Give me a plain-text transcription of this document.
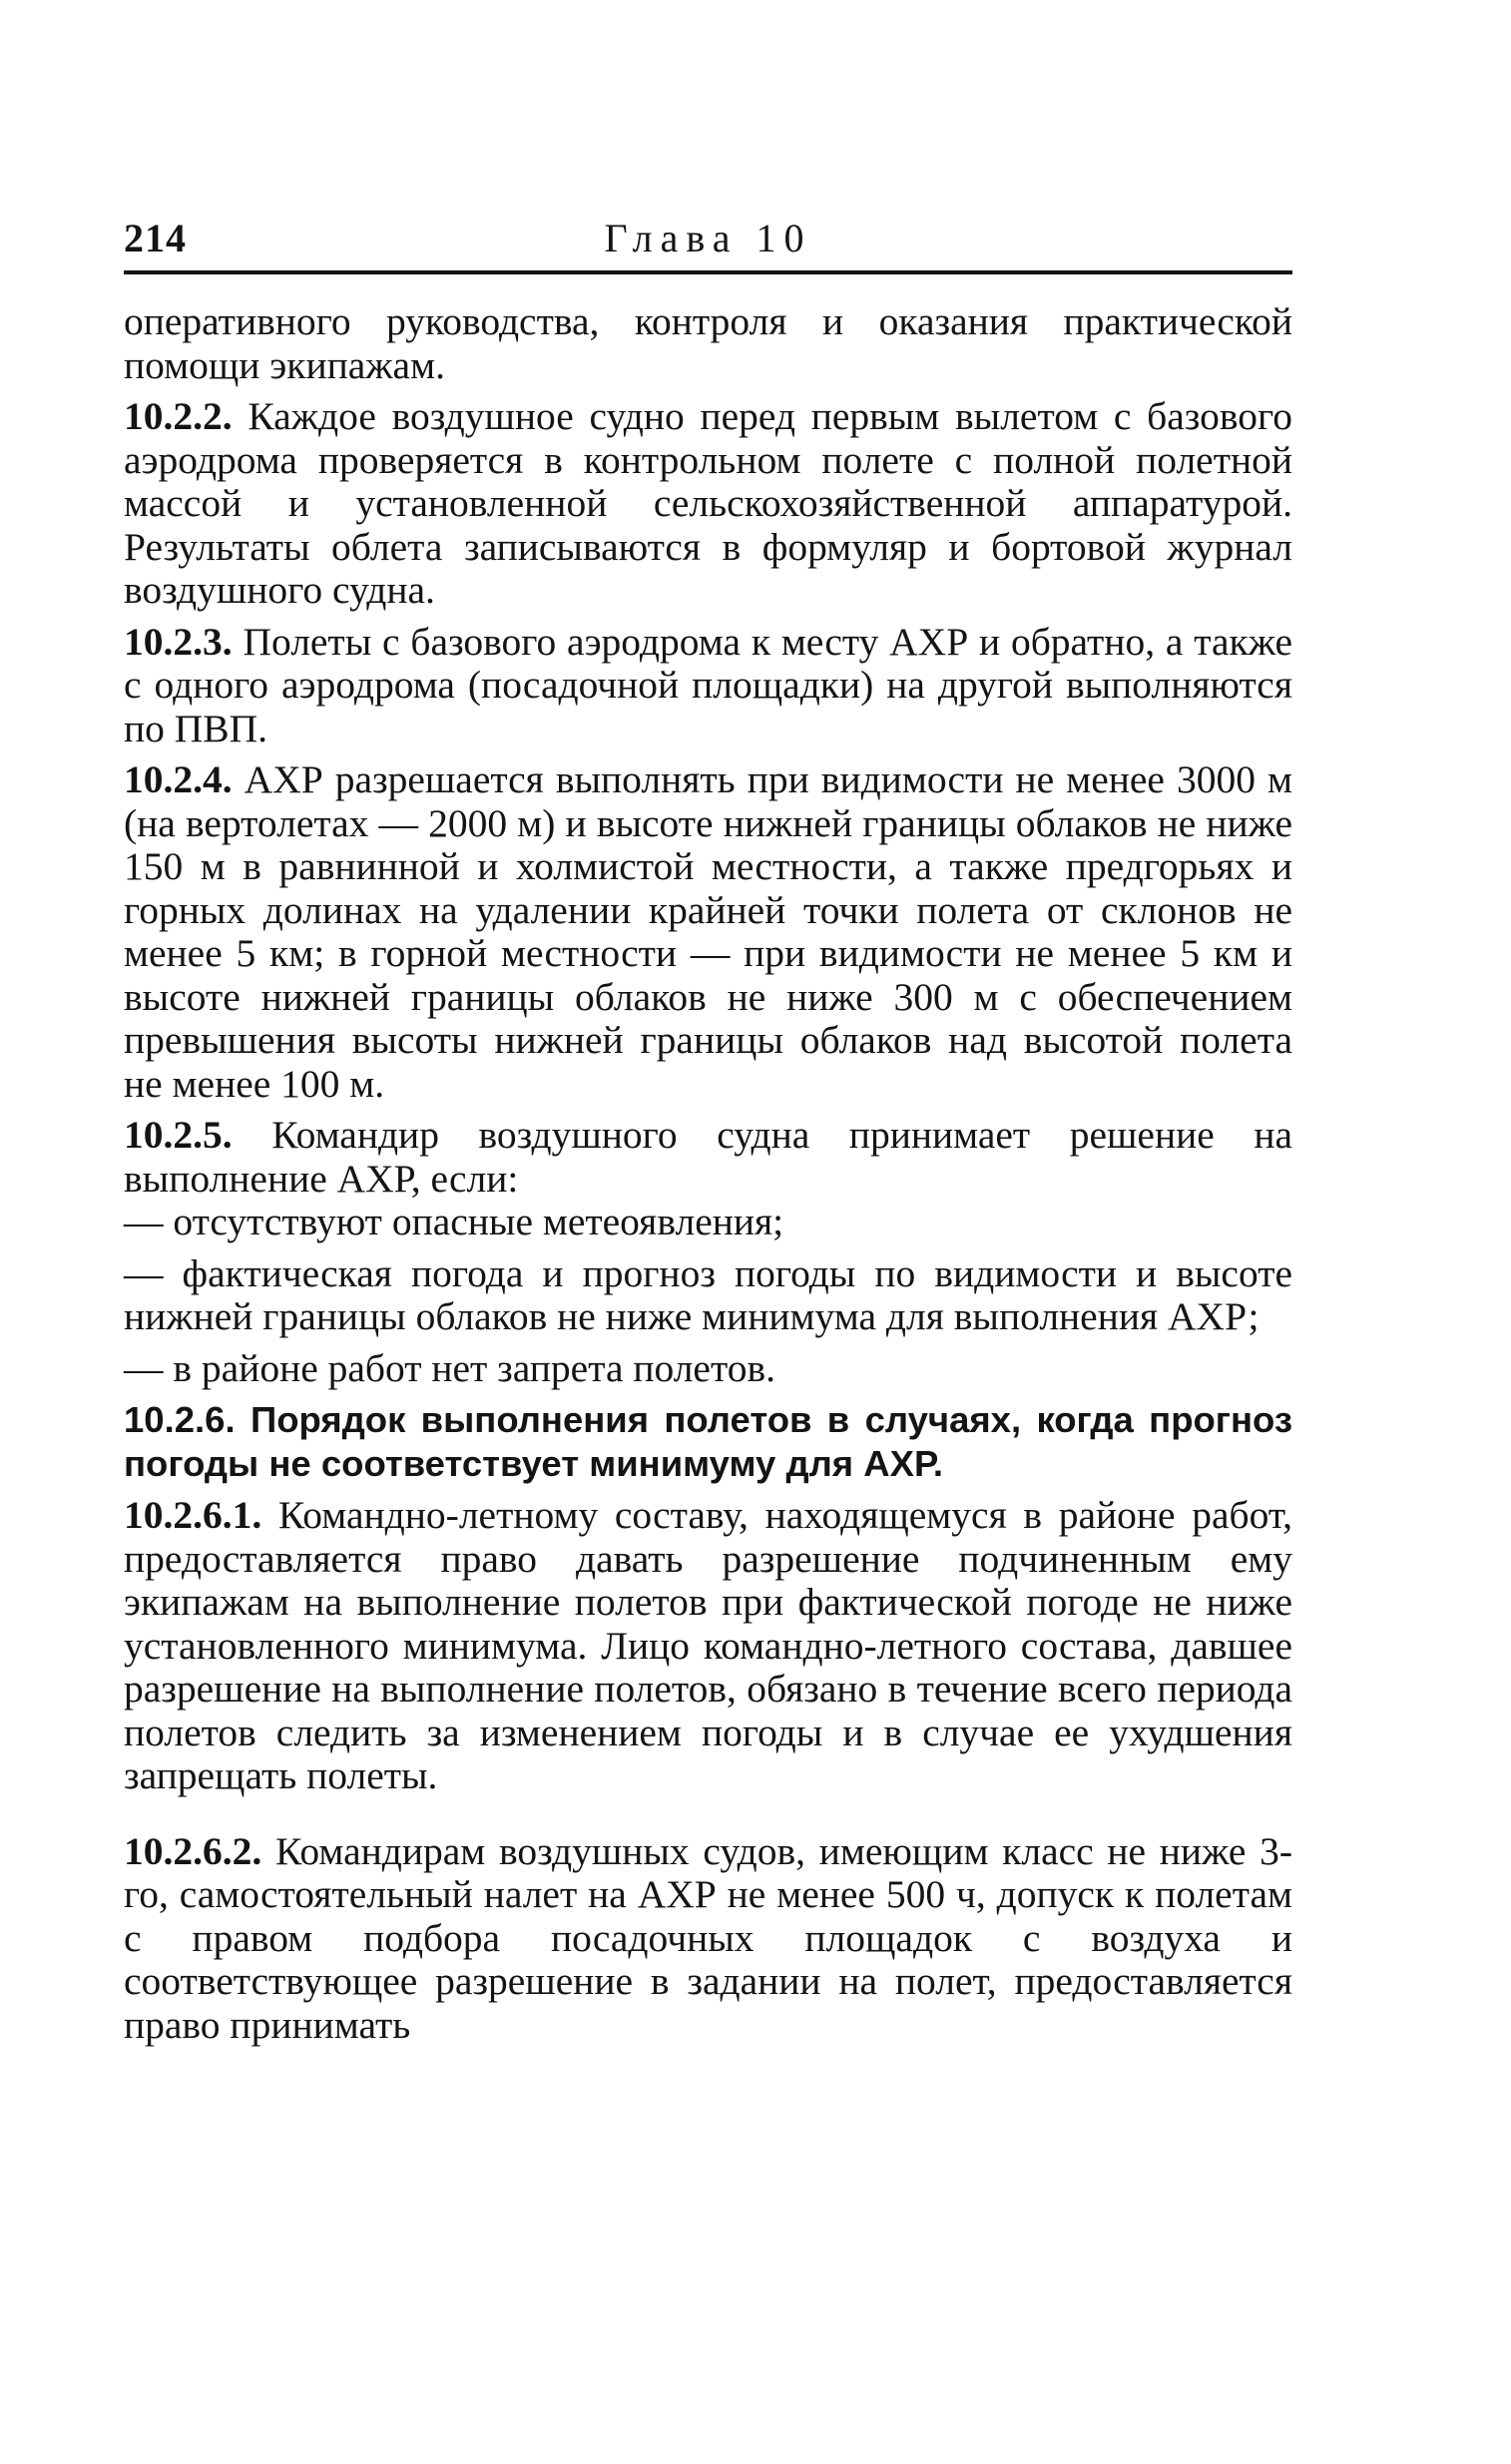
214	Глава 10

оперативного руководства, контроля и оказания практической помощи экипажам.

10.2.2. Каждое воздушное судно перед первым вылетом с базового аэродрома проверяется в контрольном полете с полной полетной массой и установленной сельскохозяйственной аппаратурой. Результаты облета записываются в формуляр и бортовой журнал воздушного судна.

10.2.3. Полеты с базового аэродрома к месту АХР и обратно, а также с одного аэродрома (посадочной площадки) на другой выполняются по ПВП.

10.2.4. АХР разрешается выполнять при видимости не менее 3000 м (на вертолетах — 2000 м) и высоте нижней границы облаков не ниже 150 м в равнинной и холмистой местности, а также предгорьях и горных долинах на удалении крайней точки полета от склонов не менее 5 км; в горной местности — при видимости не менее 5 км и высоте нижней границы облаков не ниже 300 м с обеспечением превышения высоты нижней границы облаков над высотой полета не менее 100 м.

10.2.5. Командир воздушного судна принимает решение на выполнение АХР, если:

— отсутствуют опасные метеоявления;

— фактическая погода и прогноз погоды по видимости и высоте нижней границы облаков не ниже минимума для выполнения АХР;

— в районе работ нет запрета полетов.

10.2.6. Порядок выполнения полетов в случаях, когда прогноз погоды не соответствует минимуму для АХР.

10.2.6.1. Командно-летному составу, находящемуся в районе работ, предоставляется право давать разрешение подчиненным ему экипажам на выполнение полетов при фактической погоде не ниже установленного минимума. Лицо командно-летного состава, давшее разрешение на выполнение полетов, обязано в течение всего периода полетов следить за изменением погоды и в случае ее ухудшения запрещать полеты.

10.2.6.2. Командирам воздушных судов, имеющим класс не ниже 3-го, самостоятельный налет на АХР не менее 500 ч, допуск к полетам с правом подбора посадочных площадок с воздуха и соответствующее разрешение в задании на полет, предоставляется право принимать
